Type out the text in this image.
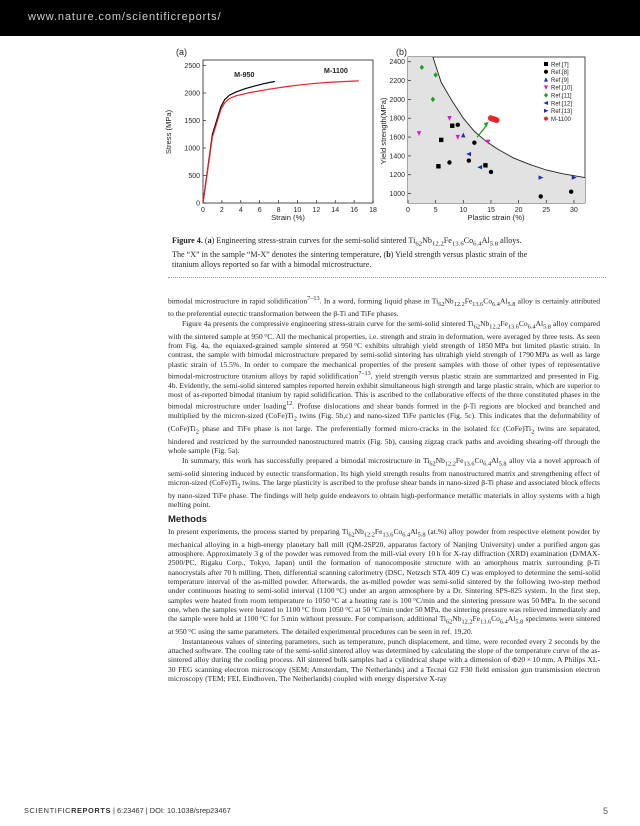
www.nature.com/scientificreports/
(a)
0 2 4 6 8 10 12 14 16 18
0
500
1000
1500
2000
2500
M-950	M-1100
Strain (%)
Stress (MPa)
(b)
0	5	10	15	20	25	30
1000
1200
1400
1600
1800
2000
2200
2400	Ref.[7]
Ref.[8]
Ref.[9]
Ref.[10]
Ref.[11]
Ref.[12]
Ref.[13]
M-1100
Plastic strain (%)
Yield strength(MPa)
Figure 4. (a) Engineering stress-strain curves for the semi-solid sintered $Ti_{62}Nb_{12.2}Fe_{13.6}Co_{6.4}Al_{5.8}$ alloys.
The “X” in the sample “M-X” denotes the sintering temperature, (b) Yield strength versus plastic strain of the
titanium alloys reported so far with a bimodal microstructure.

bimodal microstructure in rapid solidification$^{7-13}$. In a word, forming liquid phase in $Ti_{62}Nb_{12.2}Fe_{13.6}Co_{6.4}Al_{5.8}$ alloy is certainly attributed to the preferential eutectic transformation between the β-Ti and TiFe phases.

Figure 4a presents the compressive engineering stress-strain curve for the semi-solid sintered $Ti_{62}Nb_{12.2}Fe_{13.6}Co_{6.4}Al_{5.8}$ alloy compared with the sintered sample at 950 °C. All the mechanical properties, i.e. strength and strain in deformation, were averaged by three tests. As seen from Fig. 4a, the equiaxed-grained sample sintered at 950 °C exhibits ultrahigh yield strength of 1850 MPa but limited plastic strain. In contrast, the sample with bimodal microstructure prepared by semi-solid sintering has ultrahigh yield strength of 1790 MPa as well as large plastic strain of 15.5%. In order to compare the mechanical properties of the present samples with those of other types of representative bimodal-microstructure titanium alloys by rapid solidification$^{7-13}$, yield strength versus plastic strain are summarized and presented in Fig. 4b. Evidently, the semi-solid sintered samples reported herein exhibit simultaneous high strength and large plastic strain, which are superior to most of as-reported bimodal titanium by rapid solidification. This is ascribed to the collaborative effects of the three constituted phases in the bimodal microstructure under loading$^{12}$. Profuse dislocations and shear bands formed in the β-Ti regions are blocked and branched and multiplied by the micron-sized $(CoFe)Ti_2$ twins (Fig. 5b,c) and nano-sized TiFe particles (Fig. 5c). This indicates that the deformability of $(CoFe)Ti_2$ phase and TiFe phase is not large. The preferentially formed micro-cracks in the isolated fcc $(CoFe)Ti_2$ twins are separated, hindered and restricted by the surrounded nanostructured matrix (Fig. 5b), causing zigzag crack paths and avoiding shearing-off through the whole sample (Fig. 5a).

In summary, this work has successfully prepared a bimodal microstructure in $Ti_{62}Nb_{12.2}Fe_{13.6}Co_{6.4}Al_{5.8}$ alloy via a novel approach of semi-solid sintering induced by eutectic transformation. Its high yield strength results from nanostructured matrix and strengthening effect of micron-sized $(CoFe)Ti_2$ twins. The large plasticity is ascribed to the profuse shear bands in nano-sized β-Ti phase and associated block effects by nano-sized TiFe phase. The findings will help guide endeavors to obtain high-performance metallic materials in alloy systems with a high melting point.

Methods

In present experiments, the process started by preparing $Ti_{62}Nb_{12.2}Fe_{13.6}Co_{6.4}Al_{5.8}$ (at.%) alloy powder from respective element powder by mechanical alloying in a high-energy planetary ball mill (QM-2SP20, apparatus factory of Nanjing University) under a purified argon gas atmosphere. Approximately 3 g of the powder was removed from the mill-vial every 10 h for X-ray diffraction (XRD) examination (D/MAX-2500/PC, Rigaku Corp., Tokyo, Japan) until the formation of nanocomposite structure with an amorphous matrix surrounding β-Ti nanocrystals after 70 h milling. Then, differential scanning calorimetry (DSC, Netzsch STA 409 C) was employed to determine the semi-solid temperature interval of the as-milled powder. Afterwards, the as-milled powder was semi-solid sintered by the following two-step method under continuous heating to semi-solid interval (1100 °C) under an argon atmosphere by a Dr. Sintering SPS-825 system. In the first step, samples were heated from room temperature to 1050 °C at a heating rate is 100 °C/min and the sintering pressure was 50 MPa. In the second one, when the samples were heated to 1100 °C from 1050 °C at 50 °C/min under 50 MPa, the sintering pressure was relieved immediately and the sample were hold at 1100 °C for 5 min without pressure. For comparison, additional $Ti_{62}Nb_{12.2}Fe_{13.6}Co_{6.4}Al_{5.8}$ specimens were sintered at 950 °C using the same parameters. The detailed experimental procedures can be seen in ref. 19,20.

Instantaneous values of sintering parameters, such as temperature, punch displacement, and time, were recorded every 2 seconds by the attached software. The cooling rate of the semi-solid sintered alloy was determined by calculating the slope of the temperature curve of the as-sintered alloy during the cooling process. All sintered bulk samples had a cylindrical shape with a dimension of Φ20 × 10 mm. A Philips XL-30 FEG scanning electron microscopy (SEM; Amsterdam, The Netherlands) and a Tecnai G2 F30 field emission gun transmission electron microscopy (TEM; FEI, Eindhoven, The Netherlands) coupled with energy dispersive X-ray

SCIENTIFICREPORTS | 6:23467 | DOI: 10.1038/srep23467	5
